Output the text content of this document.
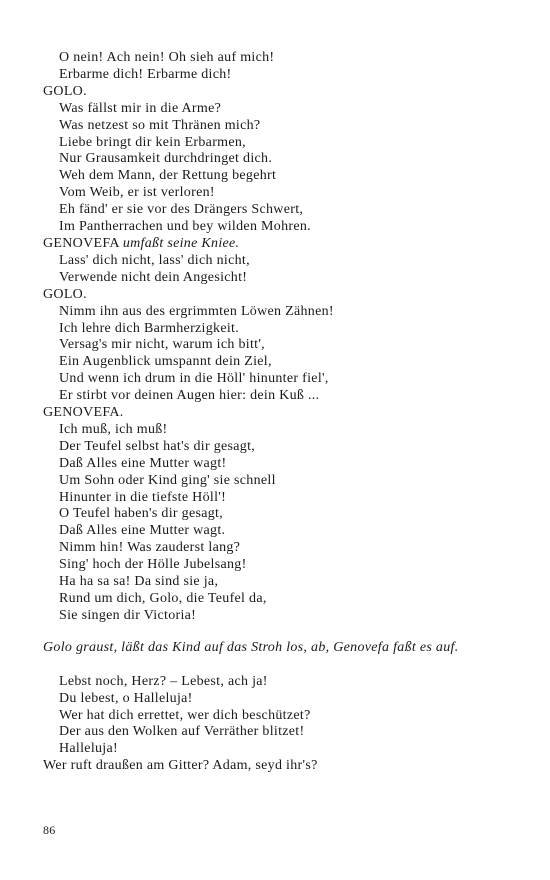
O nein! Ach nein! Oh sieh auf mich!
Erbarme dich! Erbarme dich!
GOLO.
Was fällst mir in die Arme?
Was netzest so mit Thränen mich?
Liebe bringt dir kein Erbarmen,
Nur Grausamkeit durchdringet dich.
Weh dem Mann, der Rettung begehrt
Vom Weib, er ist verloren!
Eh fänd' er sie vor des Drängers Schwert,
Im Pantherrachen und bey wilden Mohren.
GENOVEFA umfaßt seine Kniee.
Lass' dich nicht, lass' dich nicht,
Verwende nicht dein Angesicht!
GOLO.
Nimm ihn aus des ergrimmten Löwen Zähnen!
Ich lehre dich Barmherzigkeit.
Versag's mir nicht, warum ich bitt',
Ein Augenblick umspannt dein Ziel,
Und wenn ich drum in die Höll' hinunter fiel',
Er stirbt vor deinen Augen hier: dein Kuß ...
GENOVEFA.
Ich muß, ich muß!
Der Teufel selbst hat's dir gesagt,
Daß Alles eine Mutter wagt!
Um Sohn oder Kind ging' sie schnell
Hinunter in die tiefste Höll'!
O Teufel haben's dir gesagt,
Daß Alles eine Mutter wagt.
Nimm hin! Was zauderst lang?
Sing' hoch der Hölle Jubelsang!
Ha ha sa sa! Da sind sie ja,
Rund um dich, Golo, die Teufel da,
Sie singen dir Victoria!
Golo graust, läßt das Kind auf das Stroh los, ab, Genovefa faßt es auf.
Lebst noch, Herz? – Lebest, ach ja!
Du lebest, o Halleluja!
Wer hat dich errettet, wer dich beschützet?
Der aus den Wolken auf Verräther blitzet!
Halleluja!
Wer ruft draußen am Gitter? Adam, seyd ihr's?
86
